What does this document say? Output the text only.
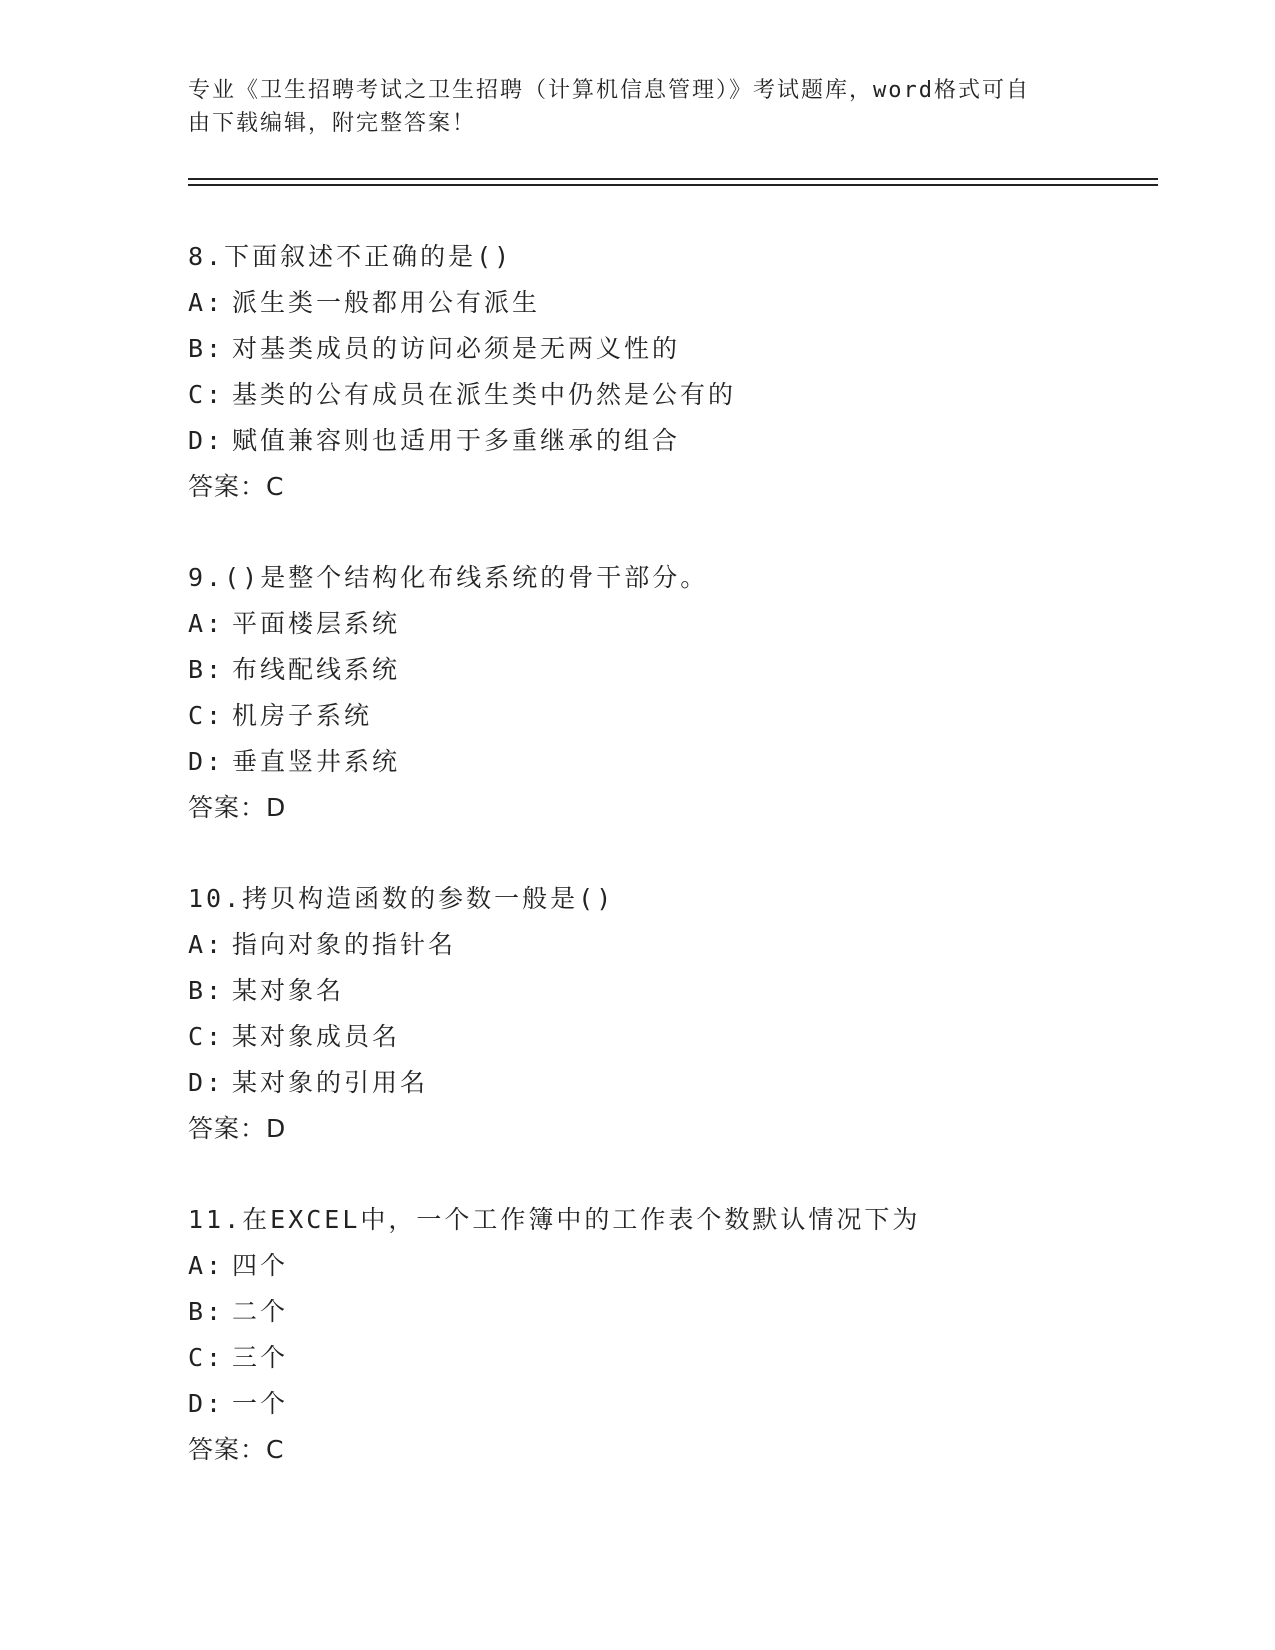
专业《卫生招聘考试之卫生招聘（计算机信息管理）》考试题库，word格式可自
由下载编辑，附完整答案！
8.下面叙述不正确的是()
A: 派生类一般都用公有派生
B: 对基类成员的访问必须是无两义性的
C: 基类的公有成员在派生类中仍然是公有的
D: 赋值兼容则也适用于多重继承的组合
答案：C
9.()是整个结构化布线系统的骨干部分。
A: 平面楼层系统
B: 布线配线系统
C: 机房子系统
D: 垂直竖井系统
答案：D
10.拷贝构造函数的参数一般是()
A: 指向对象的指针名
B: 某对象名
C: 某对象成员名
D: 某对象的引用名
答案：D
11.在EXCEL中，一个工作簿中的工作表个数默认情况下为
A: 四个
B: 二个
C: 三个
D: 一个
答案：C
